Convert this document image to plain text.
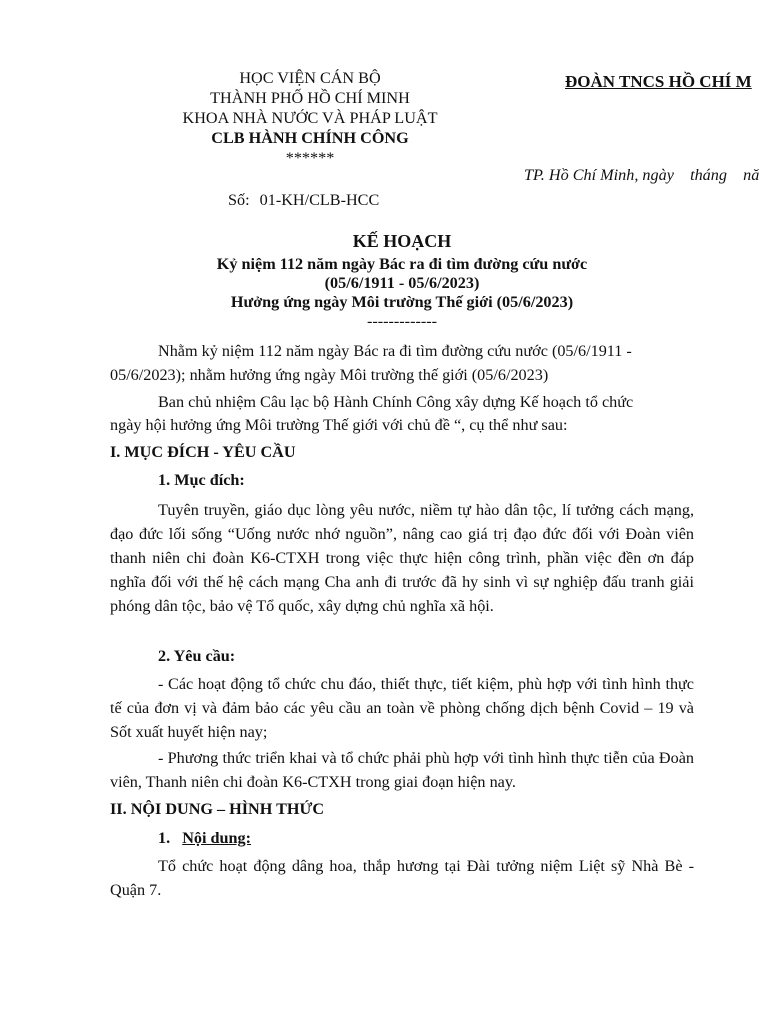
HỌC VIỆN CÁN BỘ
THÀNH PHỐ HỒ CHÍ MINH
KHOA NHÀ NƯỚC VÀ PHÁP LUẬT
CLB HÀNH CHÍNH CÔNG
******
Số: 01-KH/CLB-HCC
ĐOÀN TNCS HỒ CHÍ M
TP. Hồ Chí Minh, ngày    tháng    nă
KẾ HOẠCH
Kỷ niệm 112 năm ngày Bác ra đi tìm đường cứu nước
(05/6/1911 - 05/6/2023)
Hưởng ứng ngày Môi trường Thế giới (05/6/2023)
-------------
Nhằm kỷ niệm 112 năm ngày Bác ra đi tìm đường cứu nước (05/6/1911 -
05/6/2023); nhằm hưởng ứng ngày Môi trường thế giới (05/6/2023)
Ban chủ nhiệm Câu lạc bộ Hành Chính Công xây dựng Kế hoạch tổ chức
ngày hội hưởng ứng Môi trường Thế giới với chủ đề “, cụ thể như sau:
I. MỤC ĐÍCH - YÊU CẦU
1. Mục đích:
Tuyên truyền, giáo dục lòng yêu nước, niềm tự hào dân tộc, lí tưởng cách mạng, đạo đức lối sống “Uống nước nhớ nguồn”, nâng cao giá trị đạo đức đối với Đoàn viên thanh niên chi đoàn K6-CTXH trong việc thực hiện công trình, phần việc đền ơn đáp nghĩa đối với thế hệ cách mạng Cha anh đi trước đã hy sinh vì sự nghiệp đấu tranh giải phóng dân tộc, bảo vệ Tổ quốc, xây dựng chủ nghĩa xã hội.
2. Yêu cầu:
- Các hoạt động tổ chức chu đáo, thiết thực, tiết kiệm, phù hợp với tình hình thực tế của đơn vị và đảm bảo các yêu cầu an toàn về phòng chống dịch bệnh Covid – 19 và Sốt xuất huyết hiện nay;
- Phương thức triển khai và tổ chức phải phù hợp với tình hình thực tiễn của Đoàn viên, Thanh niên chi đoàn K6-CTXH trong giai đoạn hiện nay.
II. NỘI DUNG – HÌNH THỨC
1. Nội dung:
Tổ chức hoạt động dâng hoa, thắp hương tại Đài tưởng niệm Liệt sỹ Nhà Bè - Quận 7.
